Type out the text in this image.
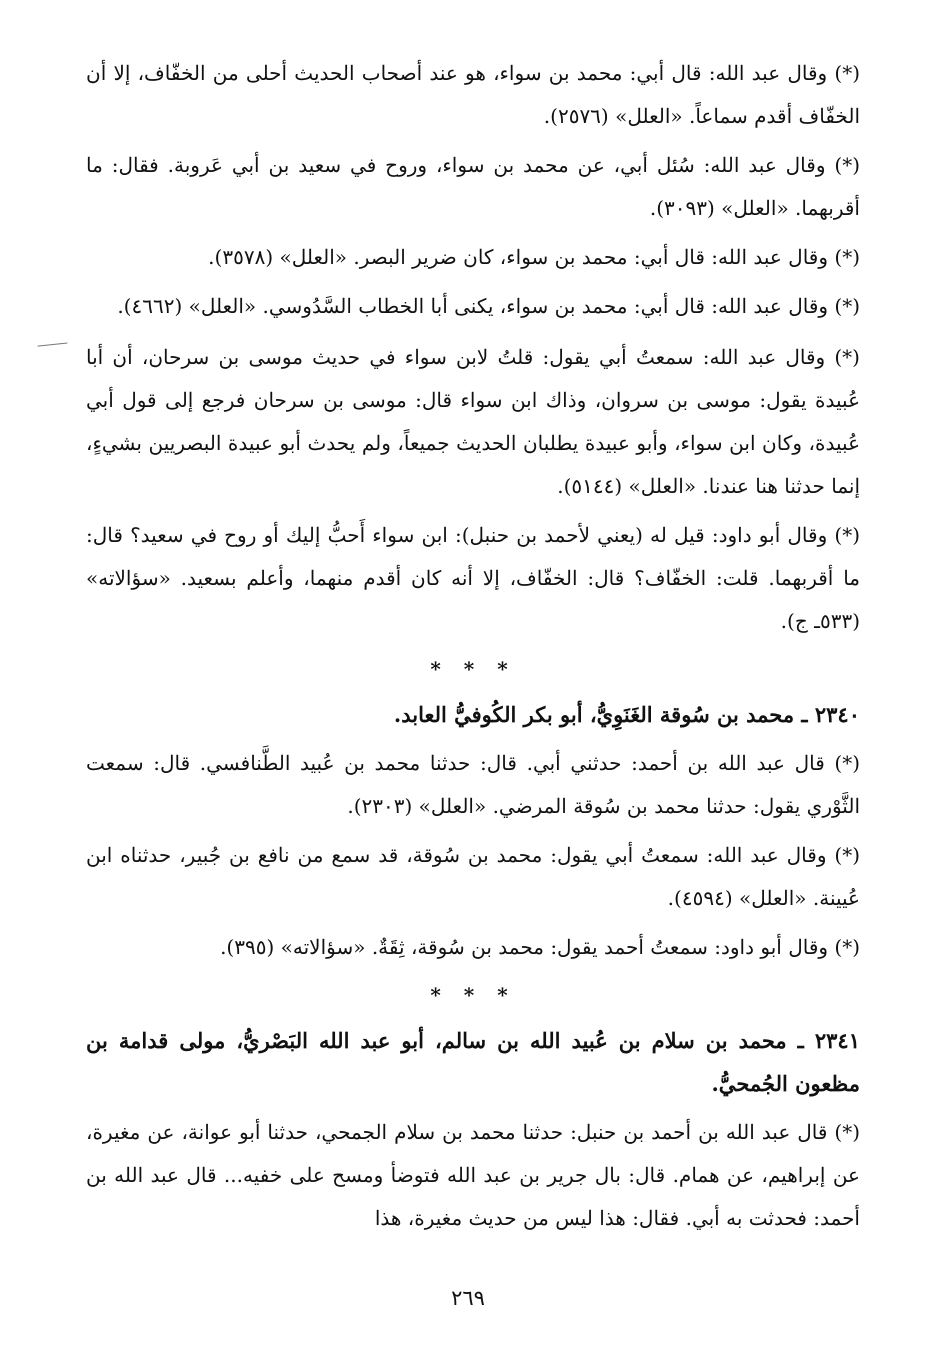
(*) وقال عبد الله: قال أبي: محمد بن سواء، هو عند أصحاب الحديث أحلى من الخفّاف، إلا أن الخفّاف أقدم سماعاً. «العلل» (٢٥٧٦).

(*) وقال عبد الله: سُئل أبي، عن محمد بن سواء، وروح في سعيد بن أبي عَروبة. فقال: ما أقربهما. «العلل» (٣٠٩٣).

(*) وقال عبد الله: قال أبي: محمد بن سواء، كان ضرير البصر. «العلل» (٣٥٧٨).

(*) وقال عبد الله: قال أبي: محمد بن سواء، يكنى أبا الخطاب السَّدُوسي. «العلل» (٤٦٦٢).

(*) وقال عبد الله: سمعتُ أبي يقول: قلتُ لابن سواء في حديث موسى بن سرحان، أن أبا عُبيدة يقول: موسى بن سروان، وذاك ابن سواء قال: موسى بن سرحان فرجع إلى قول أبي عُبيدة، وكان ابن سواء، وأبو عبيدة يطلبان الحديث جميعاً، ولم يحدث أبو عبيدة البصريين بشيءٍ، إنما حدثنا هنا عندنا. «العلل» (٥١٤٤).

(*) وقال أبو داود: قيل له (يعني لأحمد بن حنبل): ابن سواء أَحبُّ إليك أو روح في سعيد؟ قال: ما أقربهما. قلت: الخفّاف؟ قال: الخفّاف، إلا أنه كان أقدم منهما، وأعلم بسعيد. «سؤالاته» (٥٣٣ـ ج).

* * *

٢٣٤٠ ـ محمد بن سُوقة الغَنَوِيُّ، أبو بكر الكُوفيُّ العابد.

(*) قال عبد الله بن أحمد: حدثني أبي. قال: حدثنا محمد بن عُبيد الطَّنافسي. قال: سمعت الثَّوْري يقول: حدثنا محمد بن سُوقة المرضي. «العلل» (٢٣٠٣).

(*) وقال عبد الله: سمعتُ أبي يقول: محمد بن سُوقة، قد سمع من نافع بن جُبير، حدثناه ابن عُيينة. «العلل» (٤٥٩٤).

(*) وقال أبو داود: سمعتُ أحمد يقول: محمد بن سُوقة، ثِقَةٌ. «سؤالاته» (٣٩٥).

* * *

٢٣٤١ ـ محمد بن سلام بن عُبيد الله بن سالم، أبو عبد الله البَصْريُّ، مولى قدامة بن مظعون الجُمحيُّ.

(*) قال عبد الله بن أحمد بن حنبل: حدثنا محمد بن سلام الجمحي، حدثنا أبو عوانة، عن مغيرة، عن إبراهيم، عن همام. قال: بال جرير بن عبد الله فتوضأ ومسح على خفيه... قال عبد الله بن أحمد: فحدثت به أبي. فقال: هذا ليس من حديث مغيرة، هذا

٢٦٩
